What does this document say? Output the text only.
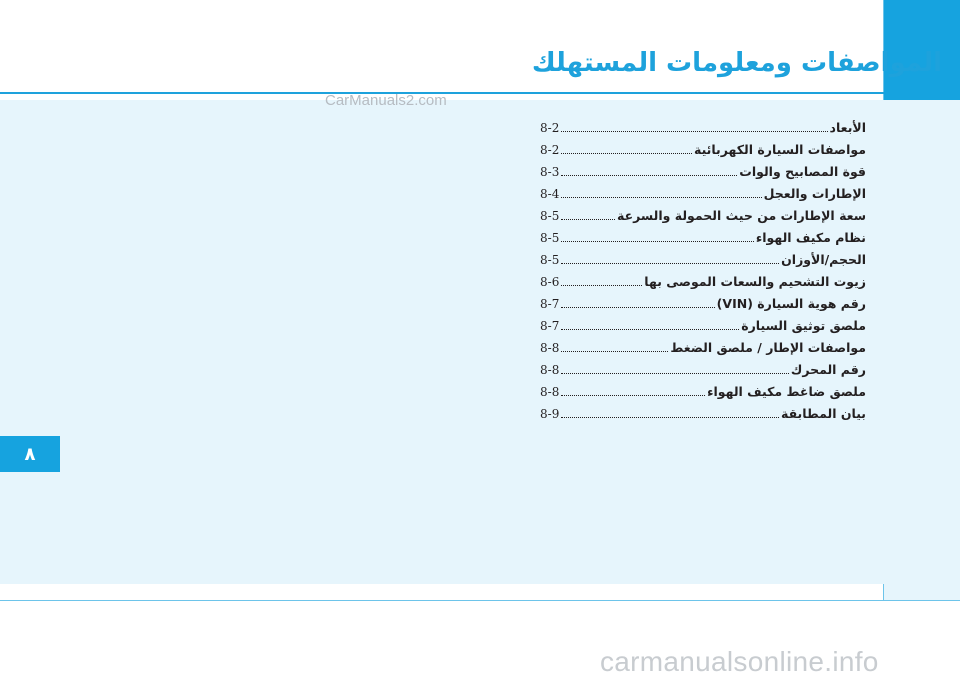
المواصفات ومعلومات المستهلك

CarManuals2.com

8-2	الأبعاد
8-2	مواصفات السيارة الكهربائية
8-3	قوة المصابيح والوات
8-4	الإطارات والعجل
8-5	سعة الإطارات من حيث الحمولة والسرعة
8-5	نظام مكيف الهواء
8-5	الحجم/الأوزان
8-6	زيوت التشحيم والسعات الموصى بها
8-7	رقم هوية السيارة (VIN)
8-7	ملصق توثيق السيارة
8-8	مواصفات الإطار / ملصق الضغط
8-8	رقم المحرك
8-8	ملصق ضاغط مكيف الهواء
8-9	بيان المطابقة
٨

carmanualsonline.info
